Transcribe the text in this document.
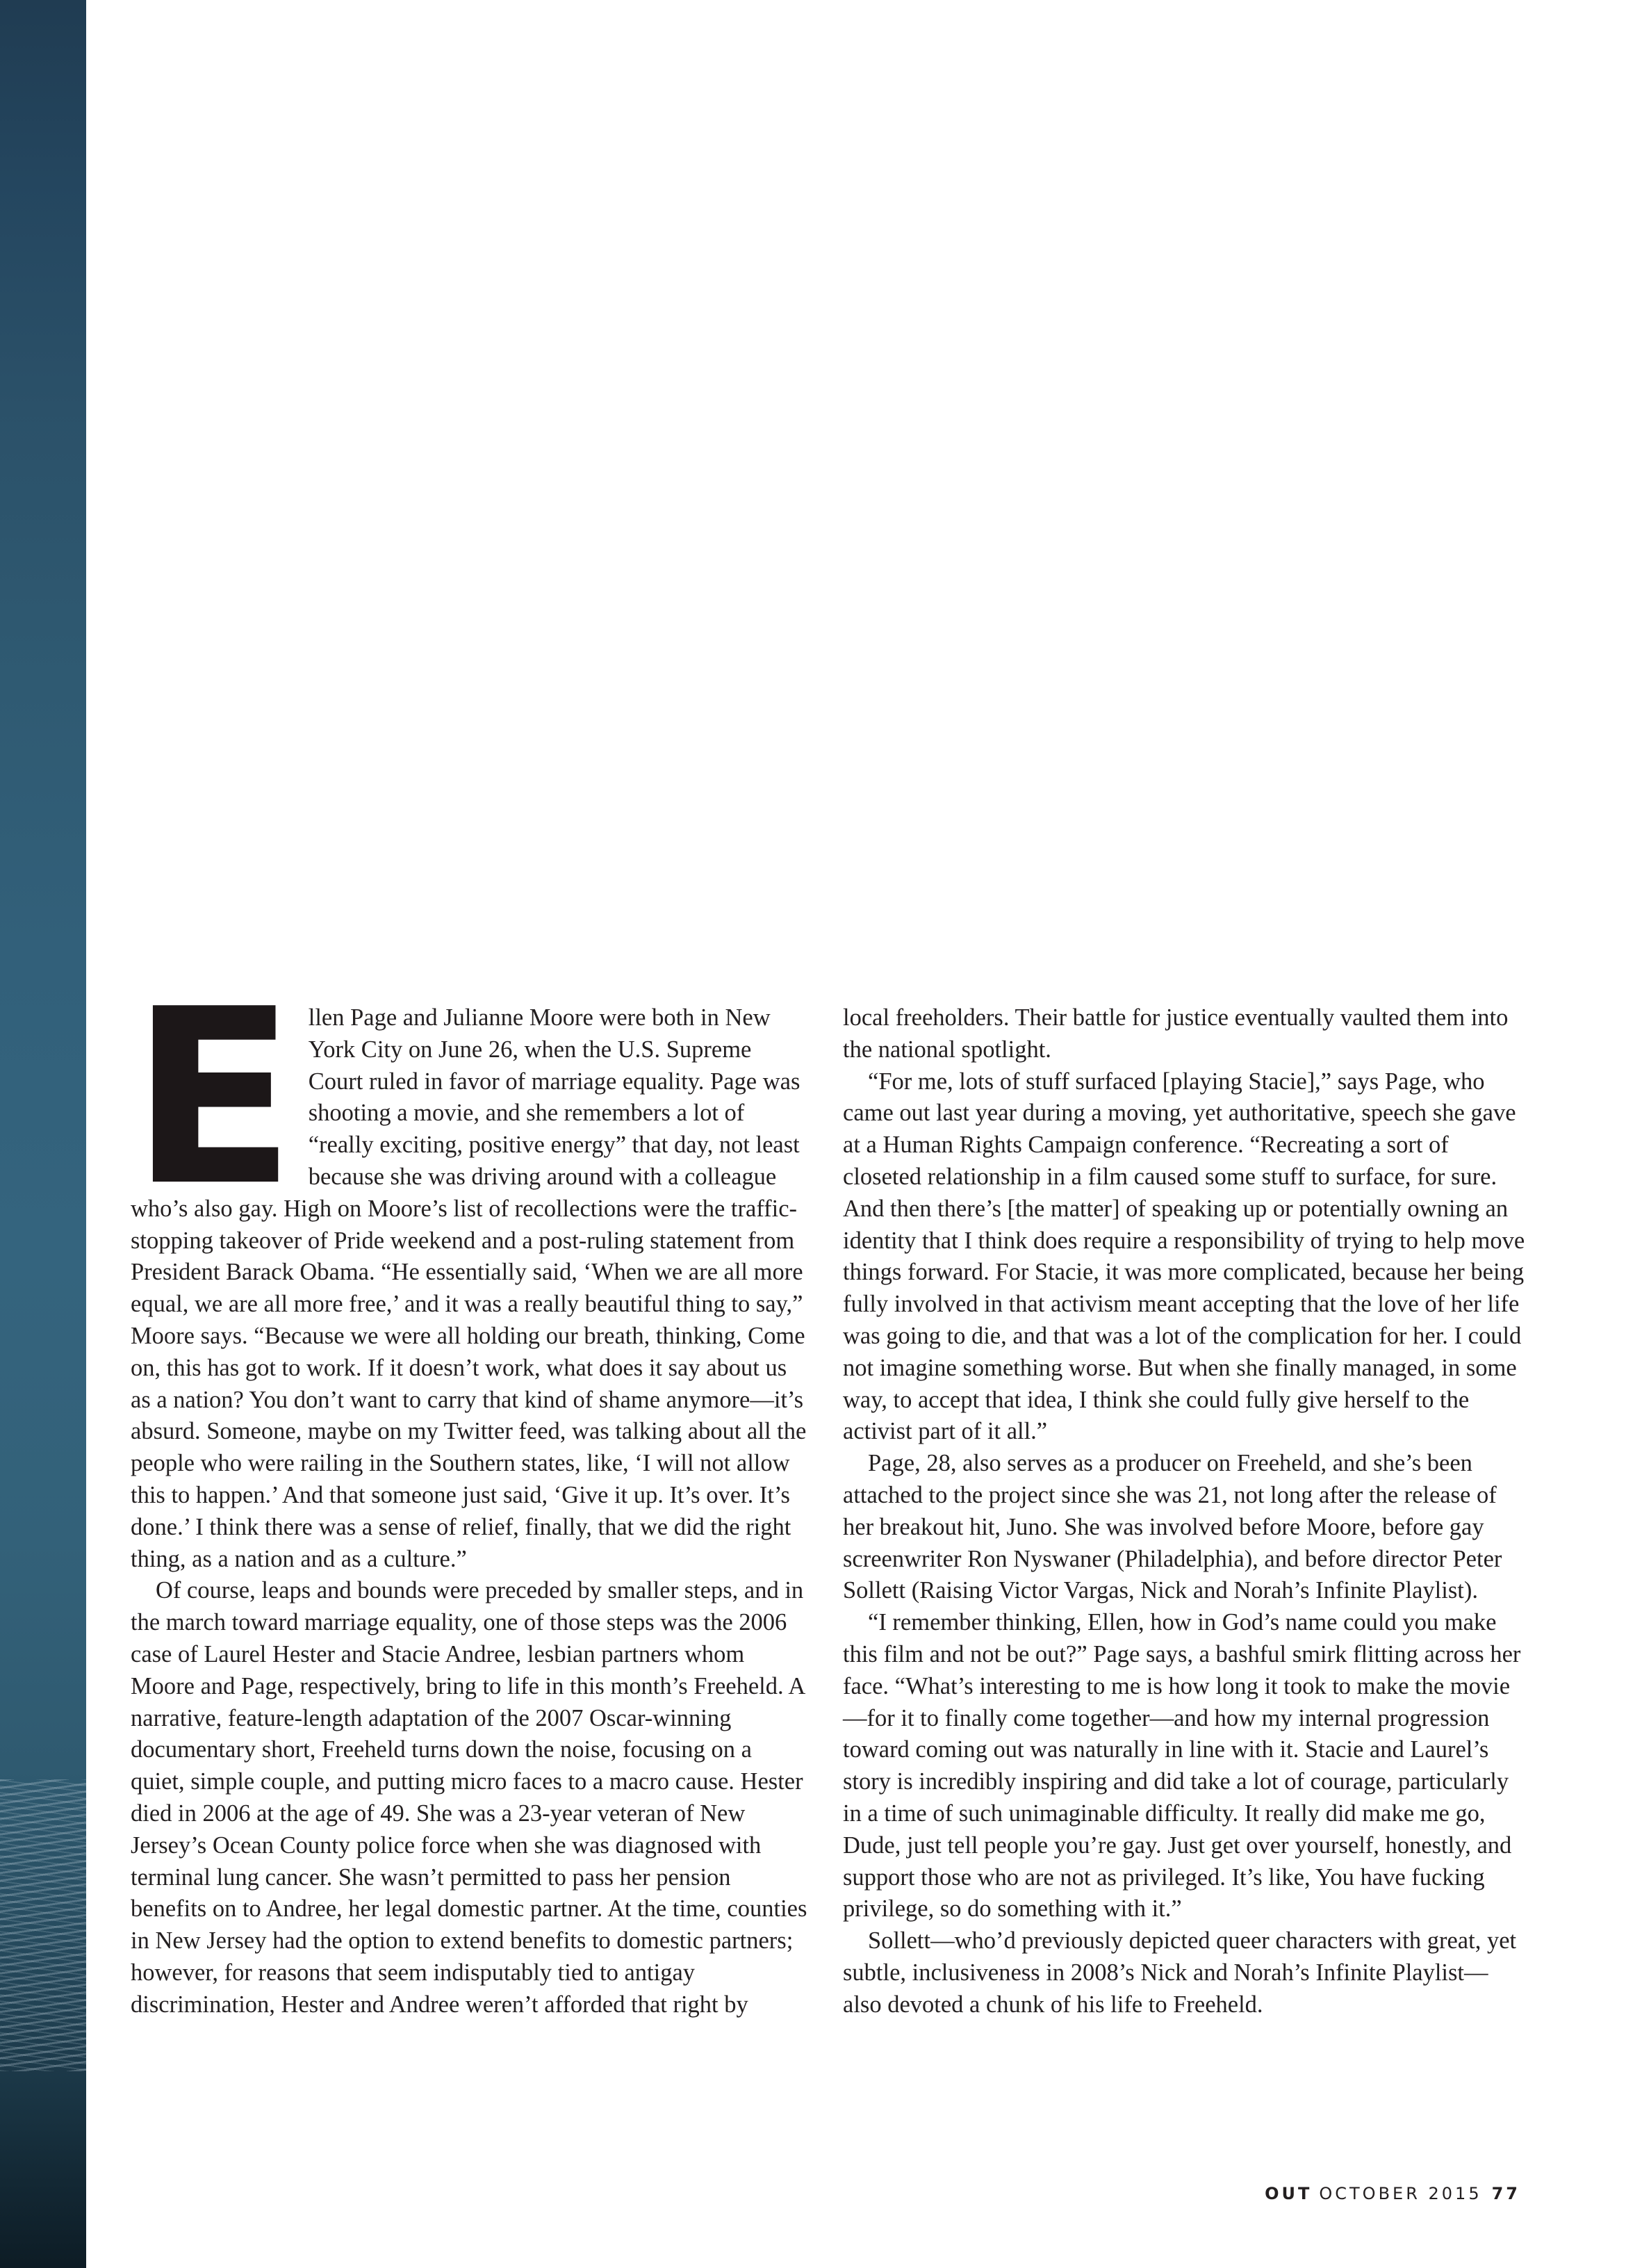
E llen Page and Julianne Moore were both in New York City on June 26, when the U.S. Supreme Court ruled in favor of marriage equality. Page was shooting a movie, and she remembers a lot of “really exciting, positive energy” that day, not least because she was driving around with a colleague who’s also gay. High on Moore’s list of recollections were the traffic-stopping takeover of Pride weekend and a post-ruling statement from President Barack Obama. “He essentially said, ‘When we are all more equal, we are all more free,’ and it was a really beautiful thing to say,” Moore says. “Because we were all holding our breath, thinking, Come on, this has got to work. If it doesn’t work, what does it say about us as a nation? You don’t want to carry that kind of shame anymore—it’s absurd. Someone, maybe on my Twitter feed, was talking about all the people who were railing in the Southern states, like, ‘I will not allow this to happen.’ And that someone just said, ‘Give it up. It’s over. It’s done.’ I think there was a sense of relief, finally, that we did the right thing, as a nation and as a culture.”

Of course, leaps and bounds were preceded by smaller steps, and in the march toward marriage equality, one of those steps was the 2006 case of Laurel Hester and Stacie Andree, lesbian partners whom Moore and Page, respectively, bring to life in this month’s Freeheld. A narrative, feature-length adaptation of the 2007 Oscar-winning documentary short, Freeheld turns down the noise, focusing on a quiet, simple couple, and putting micro faces to a macro cause. Hester died in 2006 at the age of 49. She was a 23-year veteran of New Jersey’s Ocean County police force when she was diagnosed with terminal lung cancer. She wasn’t permitted to pass her pension benefits on to Andree, her legal domestic partner. At the time, counties in New Jersey had the option to extend benefits to domestic partners; however, for reasons that seem indisputably tied to antigay discrimination, Hester and Andree weren’t afforded that right by

local freeholders. Their battle for justice eventually vaulted them into the national spotlight.

“For me, lots of stuff surfaced [playing Stacie],” says Page, who came out last year during a moving, yet authoritative, speech she gave at a Human Rights Campaign conference. “Recreating a sort of closeted relationship in a film caused some stuff to surface, for sure. And then there’s [the matter] of speaking up or potentially owning an identity that I think does require a responsibility of trying to help move things forward. For Stacie, it was more complicated, because her being fully involved in that activism meant accepting that the love of her life was going to die, and that was a lot of the complication for her. I could not imagine something worse. But when she finally managed, in some way, to accept that idea, I think she could fully give herself to the activist part of it all.”

Page, 28, also serves as a producer on Freeheld, and she’s been attached to the project since she was 21, not long after the release of her breakout hit, Juno. She was involved before Moore, before gay screenwriter Ron Nyswaner (Philadelphia), and before director Peter Sollett (Raising Victor Vargas, Nick and Norah’s Infinite Playlist).

“I remember thinking, Ellen, how in God’s name could you make this film and not be out?” Page says, a bashful smirk flitting across her face. “What’s interesting to me is how long it took to make the movie—for it to finally come together—and how my internal progression toward coming out was naturally in line with it. Stacie and Laurel’s story is incredibly inspiring and did take a lot of courage, particularly in a time of such unimaginable difficulty. It really did make me go, Dude, just tell people you’re gay. Just get over yourself, honestly, and support those who are not as privileged. It’s like, You have fucking privilege, so do something with it.”

Sollett—who’d previously depicted queer characters with great, yet subtle, inclusiveness in 2008’s Nick and Norah’s Infinite Playlist—also devoted a chunk of his life to Freeheld.

OUT OCTOBER 2015 77
